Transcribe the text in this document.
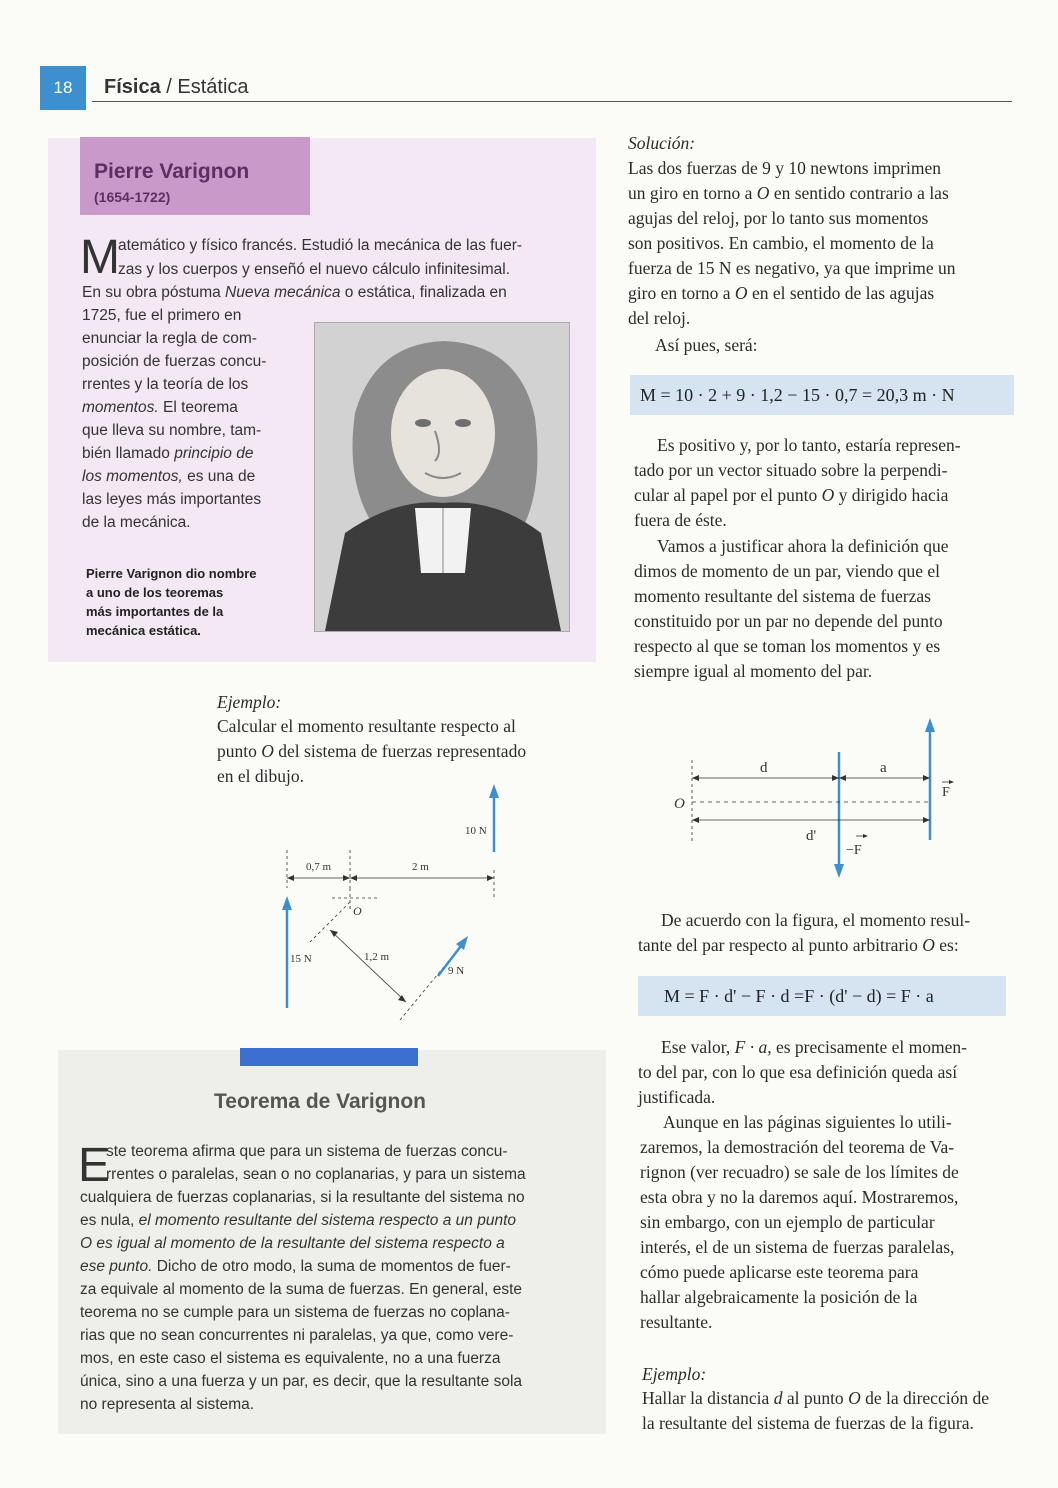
18	Física / Estática
Pierre Varignon
(1654-1722)
M
atemático y físico francés. Estudió la mecánica de las fuer-
zas y los cuerpos y enseñó el nuevo cálculo infinitesimal.
En su obra póstuma Nueva mecánica o estática, finalizada en
1725, fue el primero en
enunciar la regla de com-
posición de fuerzas concu-
rrentes y la teoría de los
momentos. El teorema
que lleva su nombre, tam-
bién llamado principio de
los momentos, es una de
las leyes más importantes
de la mecánica.
Pierre Varignon dio nombre
a uno de los teoremas
más importantes de la
mecánica estática.
Ejemplo:
Calcular el momento resultante respecto al
punto O del sistema de fuerzas representado
en el dibujo.
10 N
0,7 m	2 m
O
15 N	1,2 m
9 N
Teorema de Varignon
E
ste teorema afirma que para un sistema de fuerzas concu-
rrentes o paralelas, sean o no coplanarias, y para un sistema
cualquiera de fuerzas coplanarias, si la resultante del sistema no
es nula, el momento resultante del sistema respecto a un punto
O es igual al momento de la resultante del sistema respecto a
ese punto. Dicho de otro modo, la suma de momentos de fuer-
za equivale al momento de la suma de fuerzas. En general, este
teorema no se cumple para un sistema de fuerzas no coplana-
rias que no sean concurrentes ni paralelas, ya que, como vere-
mos, en este caso el sistema es equivalente, no a una fuerza
única, sino a una fuerza y un par, es decir, que la resultante sola
no representa al sistema.
Solución:
Las dos fuerzas de 9 y 10 newtons imprimen
un giro en torno a O en sentido contrario a las
agujas del reloj, por lo tanto sus momentos
son positivos. En cambio, el momento de la
fuerza de 15 N es negativo, ya que imprime un
giro en torno a O en el sentido de las agujas
del reloj.
Así pues, será:
M = 10 · 2 + 9 · 1,2 − 15 · 0,7 = 20,3 m · N
Es positivo y, por lo tanto, estaría represen-
tado por un vector situado sobre la perpendi-
cular al papel por el punto O y dirigido hacia
fuera de éste.
Vamos a justificar ahora la definición que
dimos de momento de un par, viendo que el
momento resultante del sistema de fuerzas
constituido por un par no depende del punto
respecto al que se toman los momentos y es
siempre igual al momento del par.
d	a
F
O
d'
−F
De acuerdo con la figura, el momento resul-
tante del par respecto al punto arbitrario O es:
M = F · d' − F · d =F · (d' − d) = F · a
Ese valor, F · a, es precisamente el momen-
to del par, con lo que esa definición queda así
justificada.
Aunque en las páginas siguientes lo utili-
zaremos, la demostración del teorema de Va-
rignon (ver recuadro) se sale de los límites de
esta obra y no la daremos aquí. Mostraremos,
sin embargo, con un ejemplo de particular
interés, el de un sistema de fuerzas paralelas,
cómo puede aplicarse este teorema para
hallar algebraicamente la posición de la
resultante.
Ejemplo:
Hallar la distancia d al punto O de la dirección de
la resultante del sistema de fuerzas de la figura.
